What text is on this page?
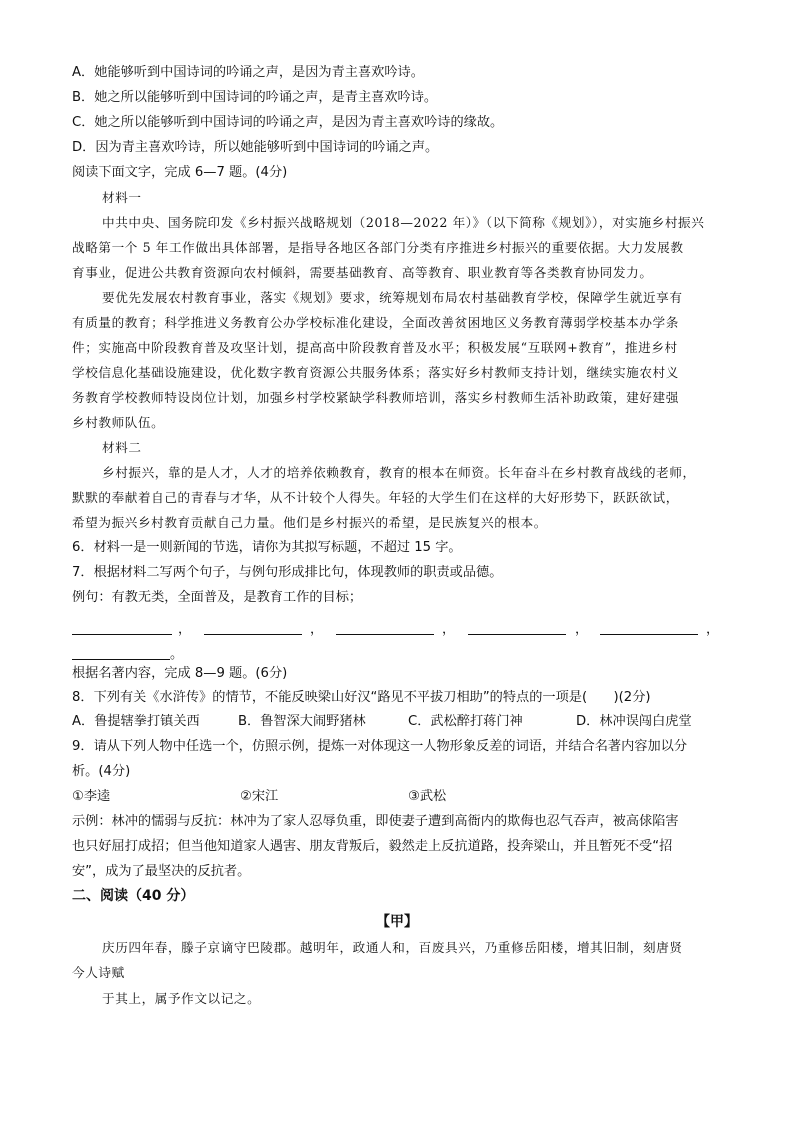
A．她能够听到中国诗词的吟诵之声，是因为青主喜欢吟诗。
B．她之所以能够听到中国诗词的吟诵之声，是青主喜欢吟诗。
C．她之所以能够听到中国诗词的吟诵之声，是因为青主喜欢吟诗的缘故。
D．因为青主喜欢吟诗，所以她能够听到中国诗词的吟诵之声。
阅读下面文字，完成 6—7 题。(4分)
材料一
中共中央、国务院印发《乡村振兴战略规划（2018—2022 年）》（以下简称《规划》），对实施乡村振兴
战略第一个 5 年工作做出具体部署，是指导各地区各部门分类有序推进乡村振兴的重要依据。大力发展教
育事业，促进公共教育资源向农村倾斜，需要基础教育、高等教育、职业教育等各类教育协同发力。
要优先发展农村教育事业，落实《规划》要求，统筹规划布局农村基础教育学校，保障学生就近享有
有质量的教育；科学推进义务教育公办学校标准化建设，全面改善贫困地区义务教育薄弱学校基本办学条
件；实施高中阶段教育普及攻坚计划，提高高中阶段教育普及水平；积极发展“互联网+教育”，推进乡村
学校信息化基础设施建设，优化数字教育资源公共服务体系；落实好乡村教师支持计划，继续实施农村义
务教育学校教师特设岗位计划，加强乡村学校紧缺学科教师培训，落实乡村教师生活补助政策，建好建强
乡村教师队伍。
材料二
乡村振兴，靠的是人才，人才的培养依赖教育，教育的根本在师资。长年奋斗在乡村教育战线的老师，
默默的奉献着自己的青春与才华，从不计较个人得失。年轻的大学生们在这样的大好形势下，跃跃欲试，
希望为振兴乡村教育贡献自己力量。他们是乡村振兴的希望，是民族复兴的根本。
6．材料一是一则新闻的节选，请你为其拟写标题，不超过 15 字。
7．根据材料二写两个句子，与例句形成排比句，体现教师的职责或品德。
例句：有教无类，全面普及，是教育工作的目标；
，	，	，	，	，
。
根据名著内容，完成 8—9 题。(6分)
8．下列有关《水浒传》的情节，不能反映梁山好汉“路见不平拔刀相助”的特点的一项是(　　)(2分)
A．鲁提辖拳打镇关西	B．鲁智深大闹野猪林	C．武松醉打蒋门神	D．林冲误闯白虎堂
9．请从下列人物中任选一个，仿照示例，提炼一对体现这一人物形象反差的词语，并结合名著内容加以分
析。(4分)
①李逵	②宋江	③武松
示例：林冲的懦弱与反抗：林冲为了家人忍辱负重，即使妻子遭到高衙内的欺侮也忍气吞声，被高俅陷害
也只好屈打成招；但当他知道家人遇害、朋友背叛后，毅然走上反抗道路，投奔梁山，并且暂死不受“招
安”，成为了最坚决的反抗者。
二、阅读（40 分）
【甲】
庆历四年春，滕子京谪守巴陵郡。越明年，政通人和，百废具兴，乃重修岳阳楼，增其旧制，刻唐贤
今人诗赋
于其上，属予作文以记之。
